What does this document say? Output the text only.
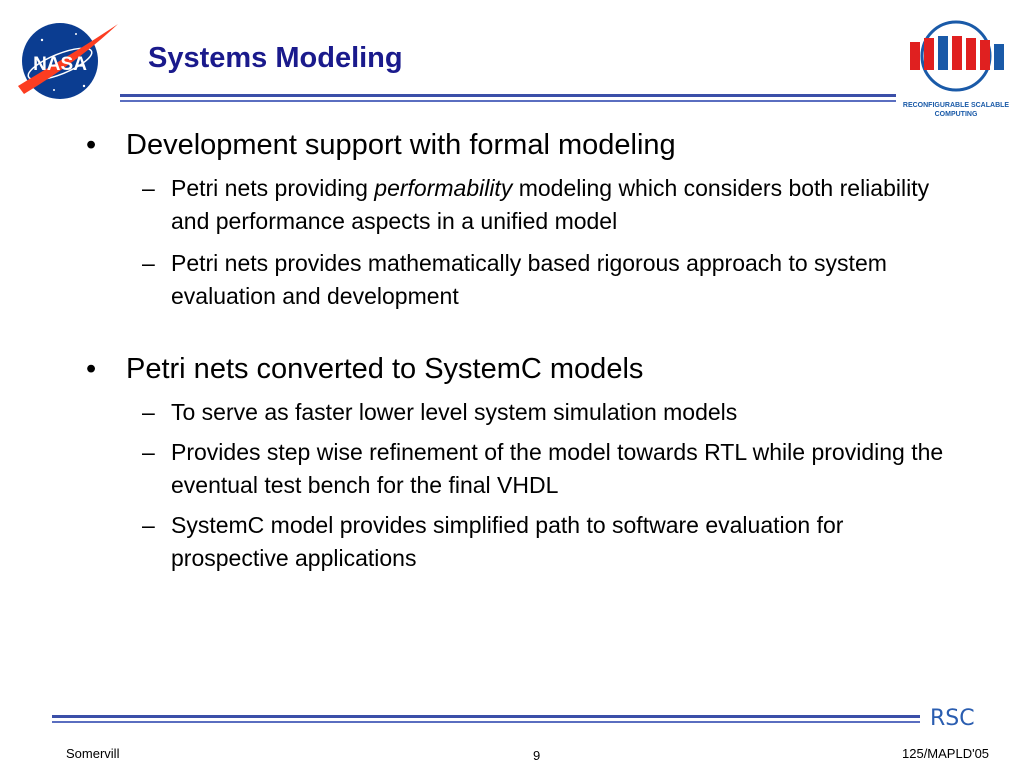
NASA Systems Modeling
RECONFIGURABLE SCALABLE
COMPUTING
• Development support with formal modeling
– Petri nets providing performability modeling which considers both reliability and performance aspects in a unified model
– Petri nets provides mathematically based rigorous approach to system evaluation and development
• Petri nets converted to SystemC models
– To serve as faster lower level system simulation models
– Provides step wise refinement of the model towards RTL while providing the eventual test bench for the final VHDL
– SystemC model provides simplified path to software evaluation for prospective applications
RSC
Somervill	9	125/MAPLD'05
